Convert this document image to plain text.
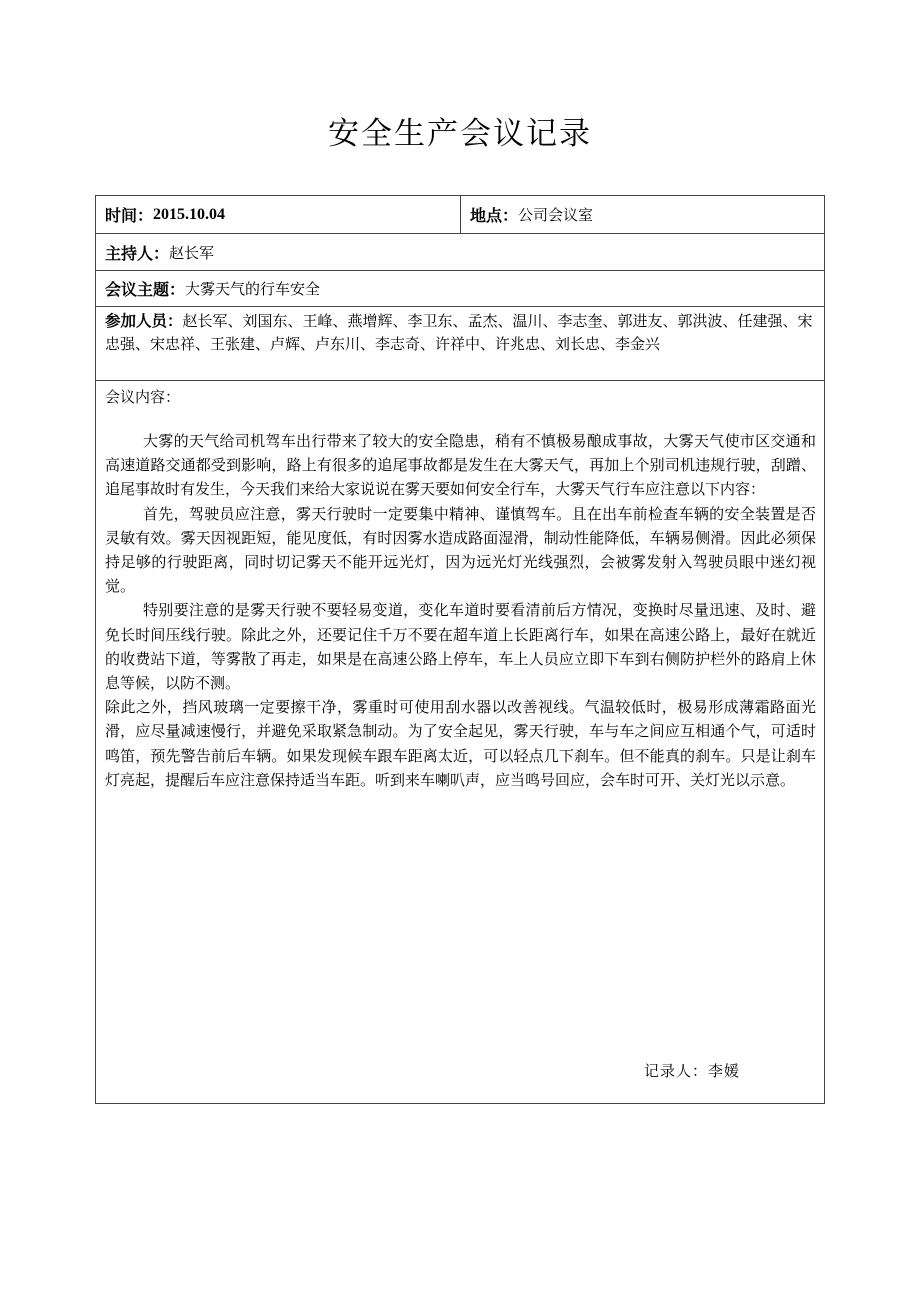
安全生产会议记录
时间： 2015.10.04	地点： 公司会议室
主持人： 赵长军
会议主题： 大雾天气的行车安全
参加人员：赵长军、刘国东、王峰、燕增辉、李卫东、孟杰、温川、李志奎、郭进友、郭洪波、任建强、宋忠强、宋忠祥、王张建、卢辉、卢东川、李志奇、许祥中、许兆忠、刘长忠、李金兴
会议内容：

大雾的天气给司机驾车出行带来了较大的安全隐患，稍有不慎极易酿成事故，大雾天气使市区交通和高速道路交通都受到影响，路上有很多的追尾事故都是发生在大雾天气，再加上个别司机违规行驶，刮蹭、追尾事故时有发生，今天我们来给大家说说在雾天要如何安全行车，大雾天气行车应注意以下内容：

首先，驾驶员应注意，雾天行驶时一定要集中精神、谨慎驾车。且在出车前检查车辆的安全装置是否灵敏有效。雾天因视距短，能见度低，有时因雾水造成路面湿滑，制动性能降低，车辆易侧滑。因此必须保持足够的行驶距离，同时切记雾天不能开远光灯，因为远光灯光线强烈，会被雾发射入驾驶员眼中迷幻视觉。

特别要注意的是雾天行驶不要轻易变道，变化车道时要看清前后方情况，变换时尽量迅速、及时、避免长时间压线行驶。除此之外，还要记住千万不要在超车道上长距离行车，如果在高速公路上，最好在就近的收费站下道，等雾散了再走，如果是在高速公路上停车，车上人员应立即下车到右侧防护栏外的路肩上休息等候，以防不测。

除此之外，挡风玻璃一定要擦干净，雾重时可使用刮水器以改善视线。气温较低时，极易形成薄霜路面光滑，应尽量减速慢行，并避免采取紧急制动。为了安全起见，雾天行驶，车与车之间应互相通个气，可适时鸣笛，预先警告前后车辆。如果发现候车跟车距离太近，可以轻点几下刹车。但不能真的刹车。只是让刹车灯亮起，提醒后车应注意保持适当车距。听到来车喇叭声，应当鸣号回应，会车时可开、关灯光以示意。

记录人：李媛
